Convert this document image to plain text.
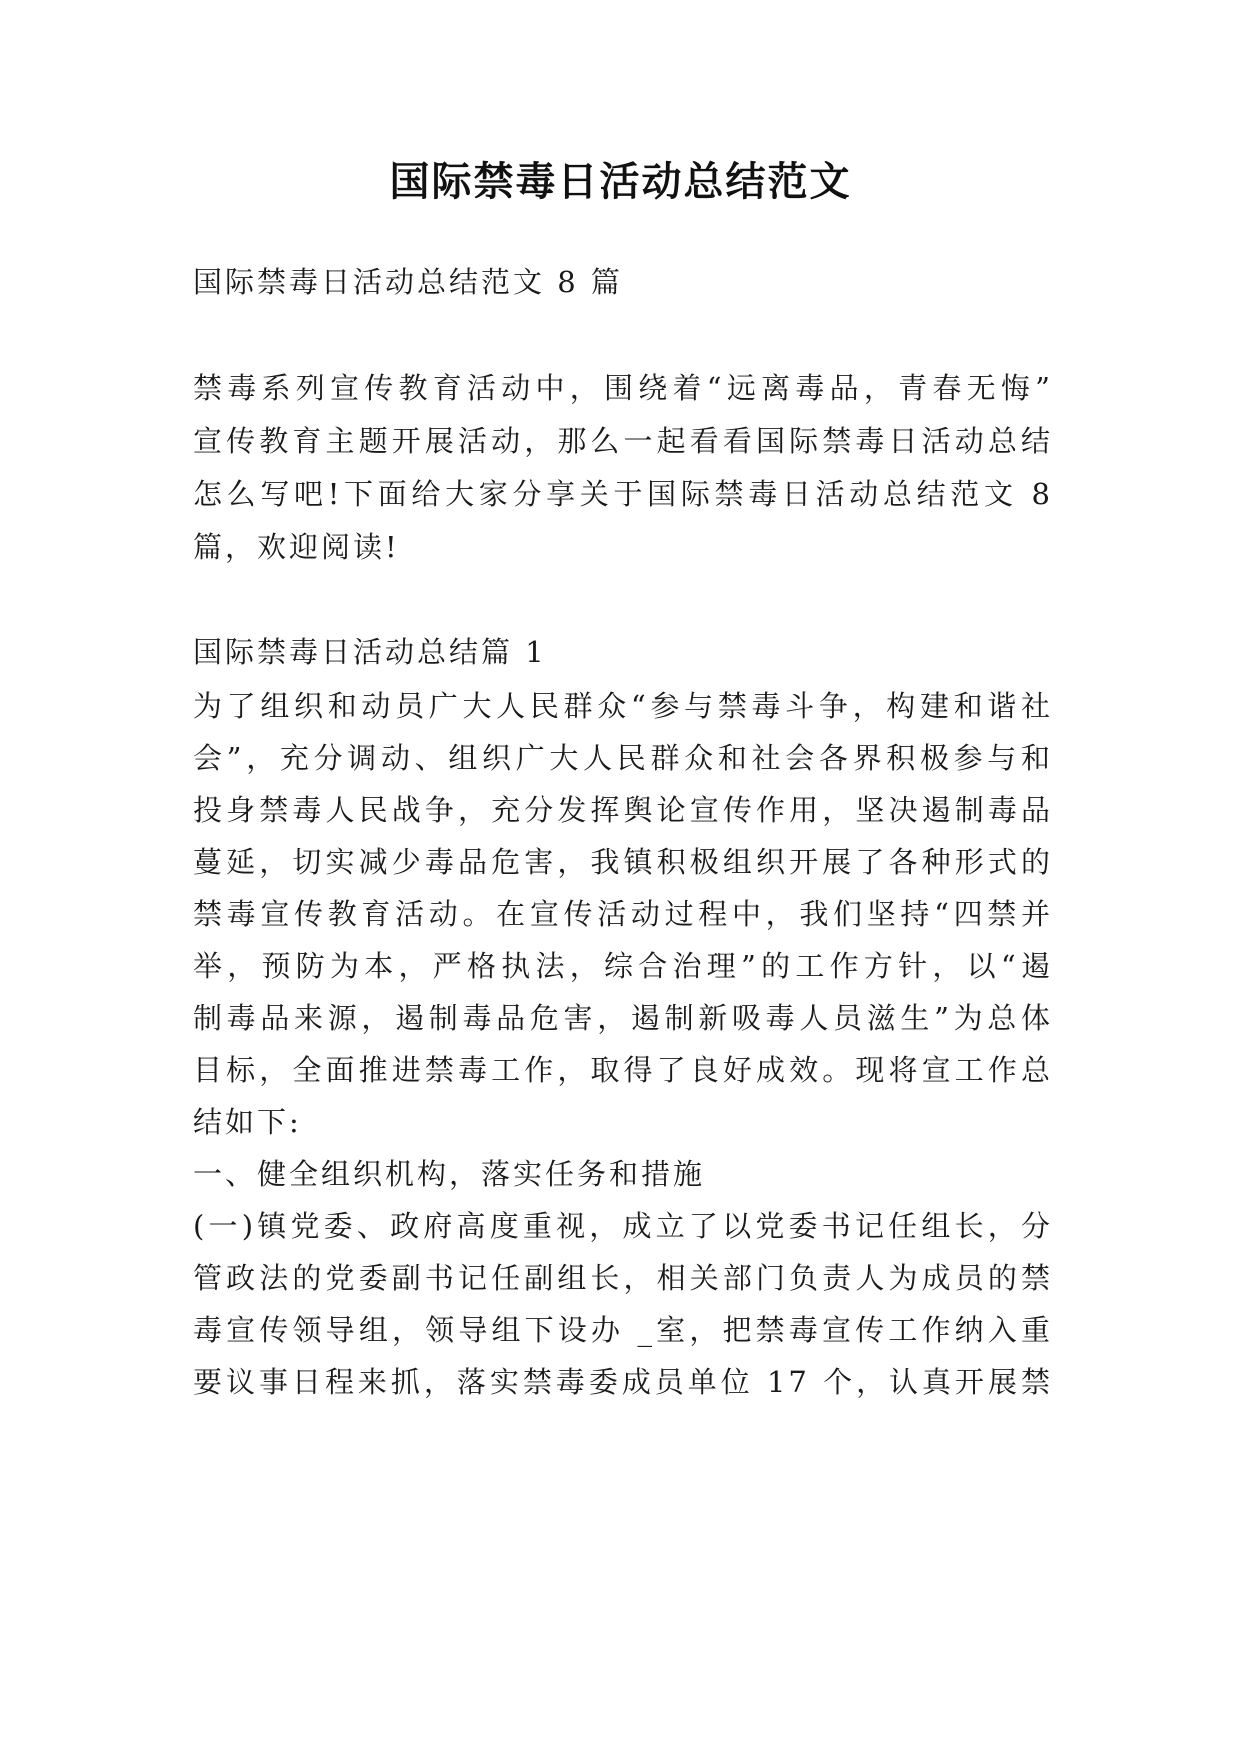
国际禁毒日活动总结范文

国际禁毒日活动总结范文 8 篇

禁毒系列宣传教育活动中，围绕着“远离毒品，青春无悔”

宣传教育主题开展活动，那么一起看看国际禁毒日活动总结

怎么写吧!下面给大家分享关于国际禁毒日活动总结范文 8

篇，欢迎阅读!

国际禁毒日活动总结篇 1

为了组织和动员广大人民群众“参与禁毒斗争，构建和谐社

会”，充分调动、组织广大人民群众和社会各界积极参与和

投身禁毒人民战争，充分发挥舆论宣传作用，坚决遏制毒品

蔓延，切实减少毒品危害，我镇积极组织开展了各种形式的

禁毒宣传教育活动。在宣传活动过程中，我们坚持“四禁并

举，预防为本，严格执法，综合治理”的工作方针，以“遏

制毒品来源，遏制毒品危害，遏制新吸毒人员滋生”为总体

目标，全面推进禁毒工作，取得了良好成效。现将宣工作总

结如下:

一、健全组织机构，落实任务和措施

(一)镇党委、政府高度重视，成立了以党委书记任组长，分

管政法的党委副书记任副组长，相关部门负责人为成员的禁

毒宣传领导组，领导组下设办 _室，把禁毒宣传工作纳入重

要议事日程来抓，落实禁毒委成员单位 17 个，认真开展禁
